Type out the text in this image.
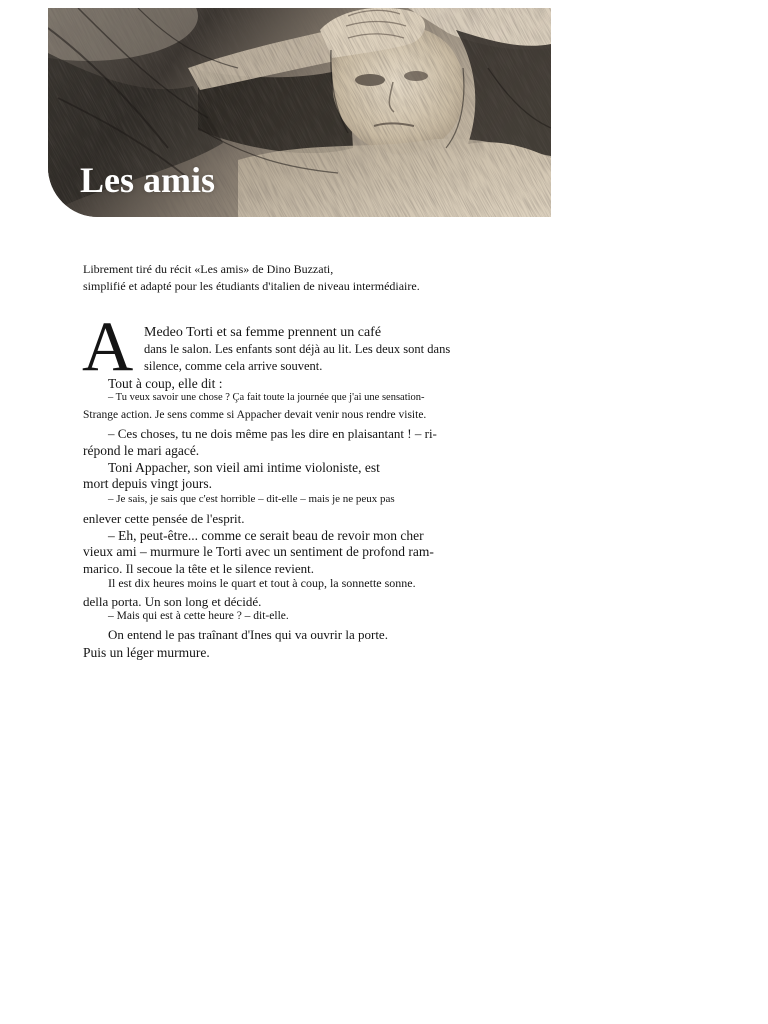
Les amis
Librement tiré du récit «Les amis» de Dino Buzzati,
simplifié et adapté pour les étudiants d'italien de niveau intermédiaire.
A Medeo Torti et sa femme prennent un café
dans le salon. Les enfants sont déjà au lit. Les deux sont dans
silence, comme cela arrive souvent.
Tout à coup, elle dit :
– Tu veux savoir une chose ? Ça fait toute la journée que j'ai une sensation-
Strange action. Je sens comme si Appacher devait venir nous rendre visite.
– Ces choses, tu ne dois même pas les dire en plaisantant ! – ri-
répond le mari agacé.
Toni Appacher, son vieil ami intime violoniste, est
mort depuis vingt jours.
– Je sais, je sais que c'est horrible – dit-elle – mais je ne peux pas
enlever cette pensée de l'esprit.
– Eh, peut-être... comme ce serait beau de revoir mon cher
vieux ami – murmure le Torti avec un sentiment de profond ram-
marico. Il secoue la tête et le silence revient.
Il est dix heures moins le quart et tout à coup, la sonnette sonne.
della porta. Un son long et décidé.
– Mais qui est à cette heure ? – dit-elle.
On entend le pas traînant d'Ines qui va ouvrir la porte.
Puis un léger murmure.
